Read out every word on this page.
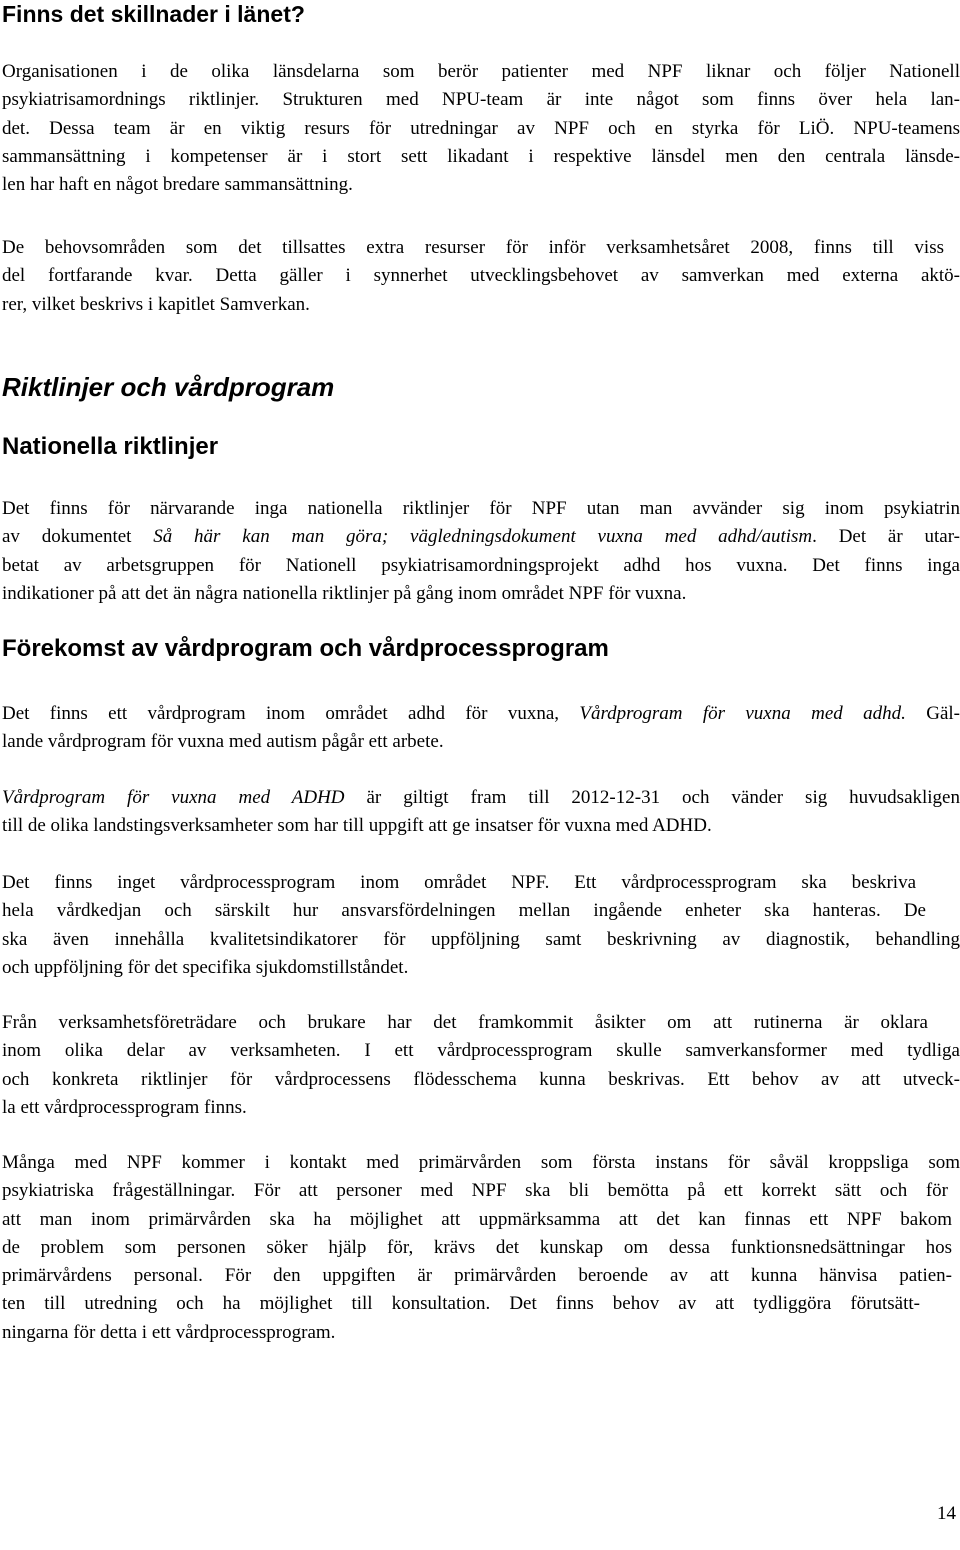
Finns det skillnader i länet?

Organisationen i de olika länsdelarna som berör patienter med NPF liknar och följer Nationell
psykiatrisamordnings riktlinjer. Strukturen med NPU-team är inte något som finns över hela lan-
det. Dessa team är en viktig resurs för utredningar av NPF och en styrka för LiÖ. NPU-teamens
sammansättning i kompetenser är i stort sett likadant i respektive länsdel men den centrala länsde-
len har haft en något bredare sammansättning.

De behovsområden som det tillsattes extra resurser för inför verksamhetsåret 2008, finns till viss
del fortfarande kvar. Detta gäller i synnerhet utvecklingsbehovet av samverkan med externa aktö-
rer, vilket beskrivs i kapitlet Samverkan.

Riktlinjer och vårdprogram
Nationella riktlinjer

Det finns för närvarande inga nationella riktlinjer för NPF utan man avvänder sig inom psykiatrin
av dokumentet Så här kan man göra; vägledningsdokument vuxna med adhd/autism. Det är utar-
betat av arbetsgruppen för Nationell psykiatrisamordningsprojekt adhd hos vuxna. Det finns inga
indikationer på att det än några nationella riktlinjer på gång inom området NPF för vuxna.

Förekomst av vårdprogram och vårdprocessprogram

Det finns ett vårdprogram inom området adhd för vuxna, Vårdprogram för vuxna med adhd. Gäl-
lande vårdprogram för vuxna med autism pågår ett arbete.

Vårdprogram för vuxna med ADHD är giltigt fram till 2012-12-31 och vänder sig huvudsakligen
till de olika landstingsverksamheter som har till uppgift att ge insatser för vuxna med ADHD.

Det finns inget vårdprocessprogram inom området NPF. Ett vårdprocessprogram ska beskriva
hela vårdkedjan och särskilt hur ansvarsfördelningen mellan ingående enheter ska hanteras. De
ska även innehålla kvalitetsindikatorer för uppföljning samt beskrivning av diagnostik, behandling
och uppföljning för det specifika sjukdomstillståndet.

Från verksamhetsföreträdare och brukare har det framkommit åsikter om att rutinerna är oklara
inom olika delar av verksamheten. I ett vårdprocessprogram skulle samverkansformer med tydliga
och konkreta riktlinjer för vårdprocessens flödesschema kunna beskrivas. Ett behov av att utveck-
la ett vårdprocessprogram finns.

Många med NPF kommer i kontakt med primärvården som första instans för såväl kroppsliga som
psykiatriska frågeställningar. För att personer med NPF ska bli bemötta på ett korrekt sätt och för
att man inom primärvården ska ha möjlighet att uppmärksamma att det kan finnas ett NPF bakom
de problem som personen söker hjälp för, krävs det kunskap om dessa funktionsnedsättningar hos
primärvårdens personal. För den uppgiften är primärvården beroende av att kunna hänvisa patien-
ten till utredning och ha möjlighet till konsultation. Det finns behov av att tydliggöra förutsätt-
ningarna för detta i ett vårdprocessprogram.

14
